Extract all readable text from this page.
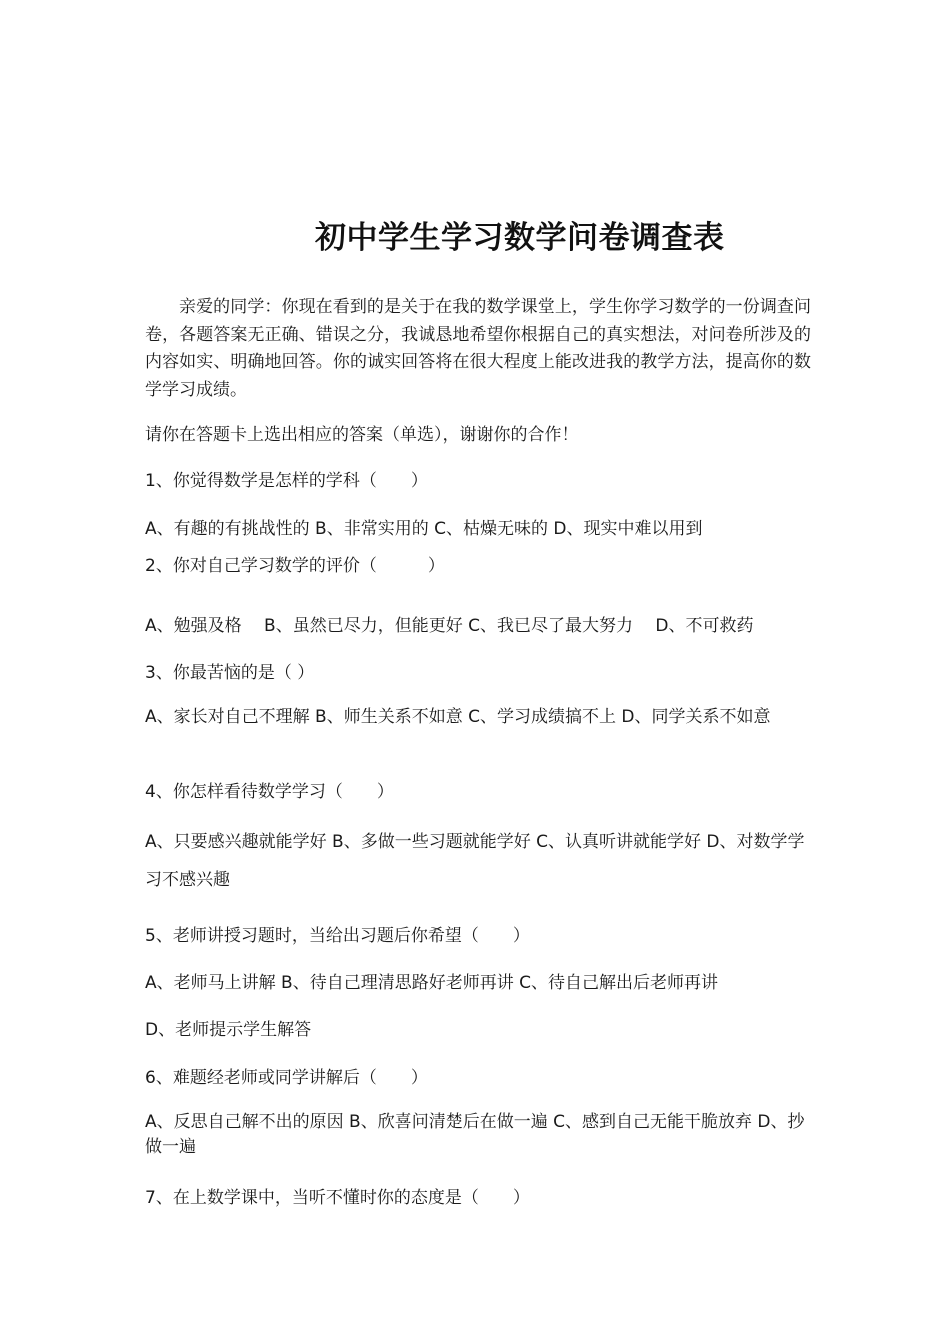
初中学生学习数学问卷调查表

亲爱的同学：你现在看到的是关于在我的数学课堂上，学生你学习数学的一份调查问卷，各题答案无正确、错误之分，我诚恳地希望你根据自己的真实想法，对问卷所涉及的内容如实、明确地回答。你的诚实回答将在很大程度上能改进我的教学方法，提高你的数学学习成绩。

请你在答题卡上选出相应的答案（单选），谢谢你的合作！

1、你觉得数学是怎样的学科（　　）

A、有趣的有挑战性的 B、非常实用的 C、枯燥无味的 D、现实中难以用到

2、你对自己学习数学的评价（　　　）

A、勉强及格　 B、虽然已尽力，但能更好 C、我已尽了最大努力　 D、不可救药

3、你最苦恼的是（ ）

A、家长对自己不理解 B、师生关系不如意 C、学习成绩搞不上 D、同学关系不如意

4、你怎样看待数学学习（　　）

A、只要感兴趣就能学好 B、多做一些习题就能学好 C、认真听讲就能学好 D、对数学学习不感兴趣

5、老师讲授习题时，当给出习题后你希望（　　）

A、老师马上讲解 B、待自己理清思路好老师再讲 C、待自己解出后老师再讲

D、老师提示学生解答

6、难题经老师或同学讲解后（　　）

A、反思自己解不出的原因 B、欣喜问清楚后在做一遍 C、感到自己无能干脆放弃 D、抄做一遍

7、在上数学课中，当听不懂时你的态度是（　　）
